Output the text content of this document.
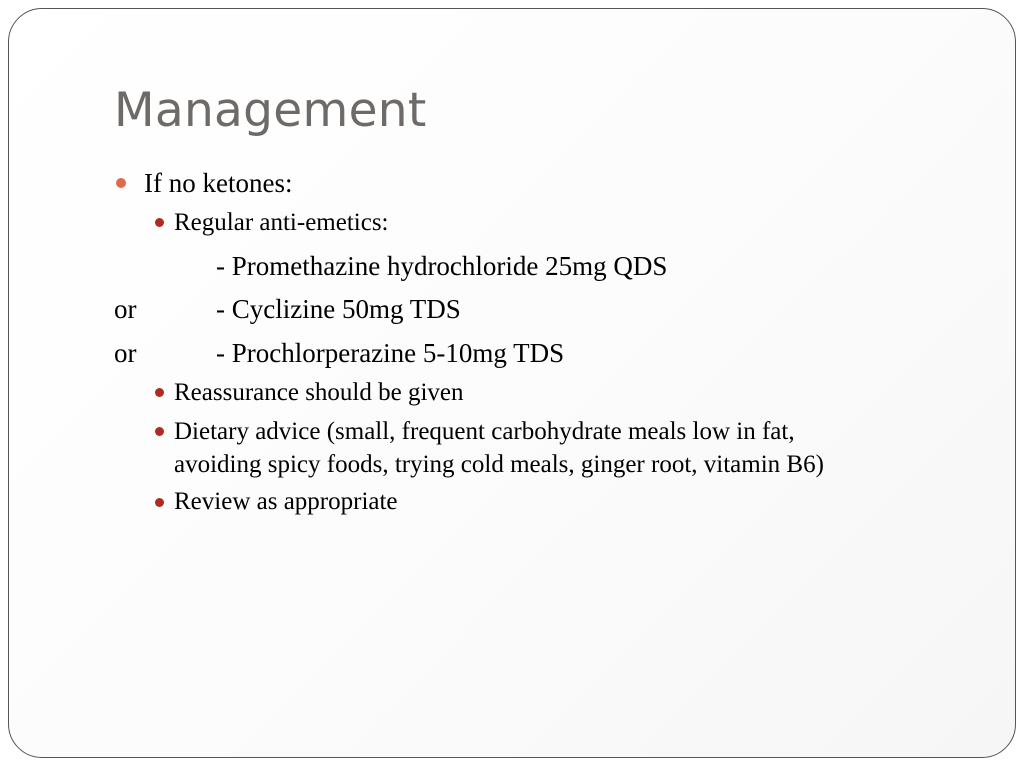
Management

If no ketones:

Regular anti-emetics:

- Promethazine hydrochloride 25mg QDS

or	- Cyclizine 50mg TDS

or	- Prochlorperazine 5-10mg TDS

Reassurance should be given

Dietary advice (small, frequent carbohydrate meals low in fat,

avoiding spicy foods, trying cold meals, ginger root, vitamin B6)

Review as appropriate
